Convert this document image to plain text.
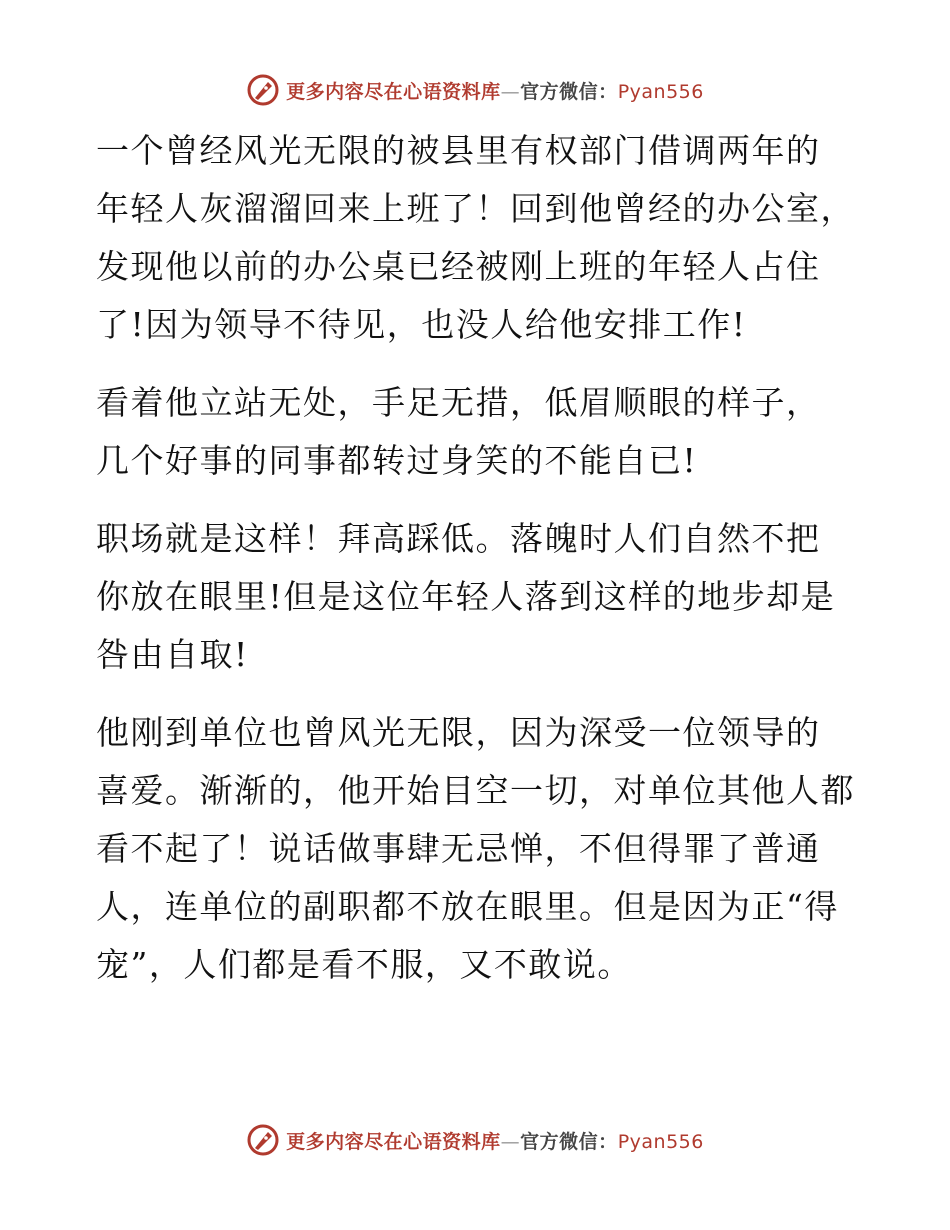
更多内容尽在心语资料库—官方微信：Pyan556

一个曾经风光无限的被县里有权部门借调两年的
年轻人灰溜溜回来上班了！回到他曾经的办公室，
发现他以前的办公桌已经被刚上班的年轻人占住
了!因为领导不待见，也没人给他安排工作!

看着他立站无处，手足无措，低眉顺眼的样子，
几个好事的同事都转过身笑的不能自已!

职场就是这样！拜高踩低。落魄时人们自然不把
你放在眼里!但是这位年轻人落到这样的地步却是
咎由自取!

他刚到单位也曾风光无限，因为深受一位领导的
喜爱。渐渐的，他开始目空一切，对单位其他人都
看不起了！说话做事肆无忌惮，不但得罪了普通
人，连单位的副职都不放在眼里。但是因为正“得
宠”，人们都是看不服，又不敢说。

更多内容尽在心语资料库—官方微信：Pyan556
